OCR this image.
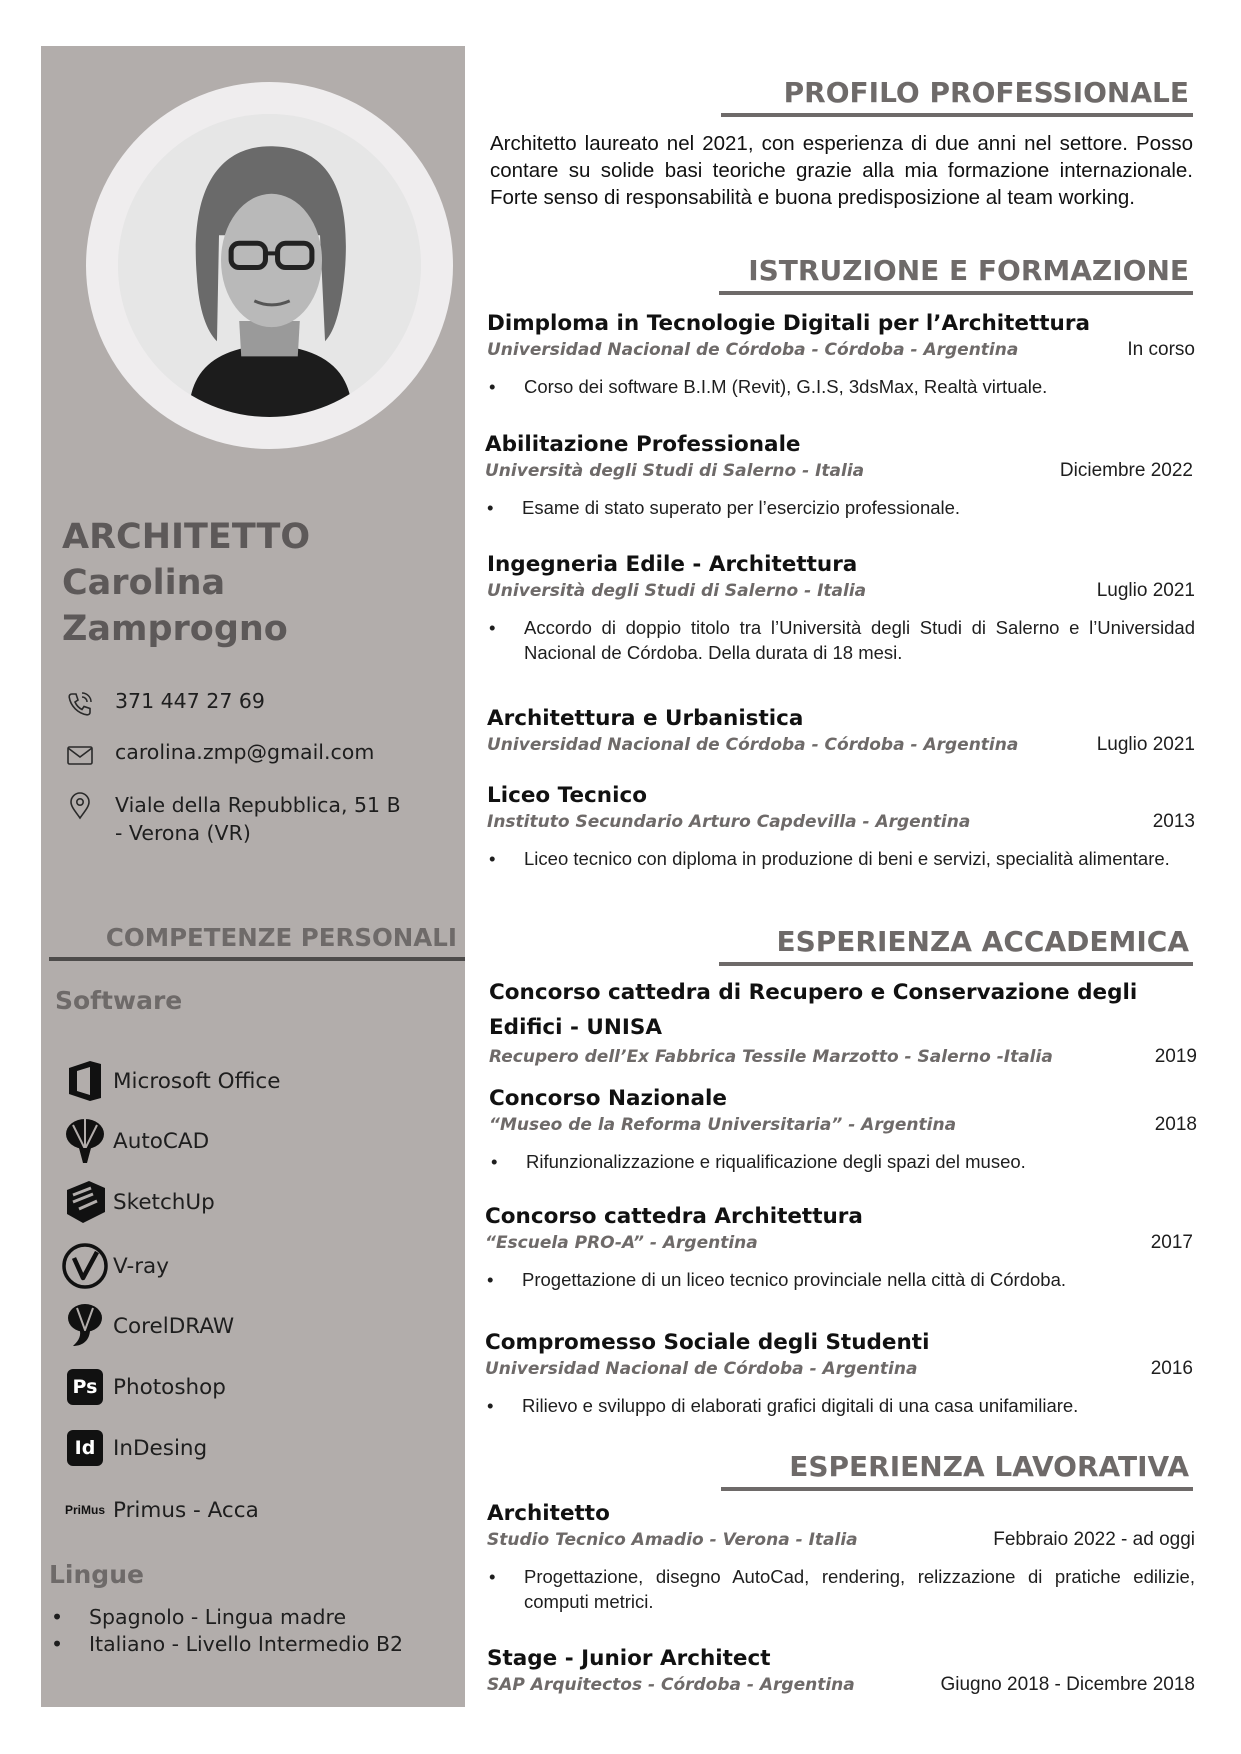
ARCHITETTO
Carolina
Zamprogno
371 447 27 69
carolina.zmp@gmail.com
Viale della Repubblica, 51 B
- Verona (VR)
COMPETENZE PERSONALI
Software
Microsoft Office
AutoCAD
SketchUp
V-ray
CorelDRAW
Ps Photoshop
Id InDesing
PriMus Primus - Acca
Lingue
• Spagnolo - Lingua madre
• Italiano - Livello Intermedio B2
PROFILO PROFESSIONALE
Architetto laureato nel 2021, con esperienza di due anni nel settore. Posso contare su solide basi teoriche grazie alla mia formazione internazionale. Forte senso di responsabilità e buona predisposizione al team working.
ISTRUZIONE E FORMAZIONE
Dimploma in Tecnologie Digitali per l’Architettura
Universidad Nacional de Córdoba - Córdoba - Argentina	In corso
• Corso dei software B.I.M (Revit), G.I.S, 3dsMax, Realtà virtuale.
Abilitazione Professionale
Università degli Studi di Salerno - Italia	Diciembre 2022
• Esame di stato superato per l’esercizio professionale.
Ingegneria Edile - Architettura
Università degli Studi di Salerno - Italia	Luglio 2021
• Accordo di doppio titolo tra l’Università degli Studi di Salerno e l’Universidad Nacional de Córdoba. Della durata di 18 mesi.
Architettura e Urbanistica
Universidad Nacional de Córdoba - Córdoba - Argentina	Luglio 2021
Liceo Tecnico
Instituto Secundario Arturo Capdevilla - Argentina	2013
• Liceo tecnico con diploma in produzione di beni e servizi, specialità alimentare.
ESPERIENZA ACCADEMICA
Concorso cattedra di Recupero e Conservazione degli
Edifici - UNISA
Recupero dell’Ex Fabbrica Tessile Marzotto - Salerno -Italia	2019
Concorso Nazionale
“Museo de la Reforma Universitaria” - Argentina	2018
• Rifunzionalizzazione e riqualificazione degli spazi del museo.
Concorso cattedra Architettura
“Escuela PRO-A” - Argentina	2017
• Progettazione di un liceo tecnico provinciale nella città di Córdoba.
Compromesso Sociale degli Studenti
Universidad Nacional de Córdoba - Argentina	2016
• Rilievo e sviluppo di elaborati grafici digitali di una casa unifamiliare.
ESPERIENZA LAVORATIVA
Architetto
Studio Tecnico Amadio - Verona - Italia	Febbraio 2022 - ad oggi
• Progettazione, disegno AutoCad, rendering, relizzazione di pratiche edilizie, computi metrici.
Stage - Junior Architect
SAP Arquitectos - Córdoba - Argentina	Giugno 2018 - Dicembre 2018
